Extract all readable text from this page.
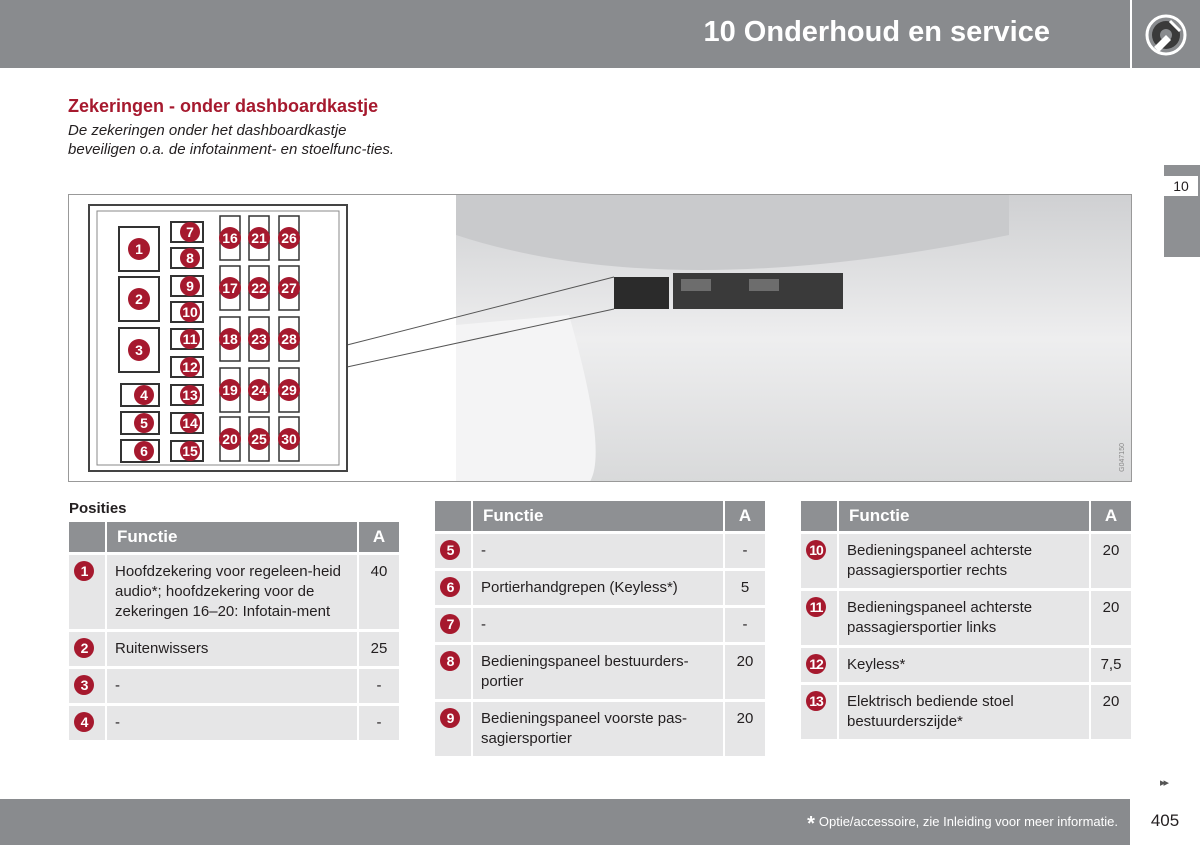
10 Onderhoud en service
10
Zekeringen - onder dashboardkastje

De zekeringen onder het dashboardkastje beveiligen o.a. de infotainment- en stoelfunc-ties.

1
2
3
4
5
6
7
8
9
10
11
12
13
14
15
16
17
18
19
20
21
22
23
24
25
26
27
28
29
30
G047150
Posities
	Functie	A
1	Hoofdzekering voor regeleen-heid audio*; hoofdzekering voor de zekeringen 16–20: Infotain-ment	40
2	Ruitenwissers	25
3	-	-
4	-	-
	Functie	A
5	-	-
6	Portierhandgrepen (Keyless*)	5
7	-	-
8	Bedieningspaneel bestuurders-portier	20
9	Bedieningspaneel voorste pas-sagiersportier	20
	Functie	A
10	Bedieningspaneel achterste passagiersportier rechts	20
11	Bedieningspaneel achterste passagiersportier links	20
12	Keyless*	7,5
13	Elektrisch bediende stoel bestuurderszijde*	20
▸▸
* Optie/accessoire, zie Inleiding voor meer informatie.	405
